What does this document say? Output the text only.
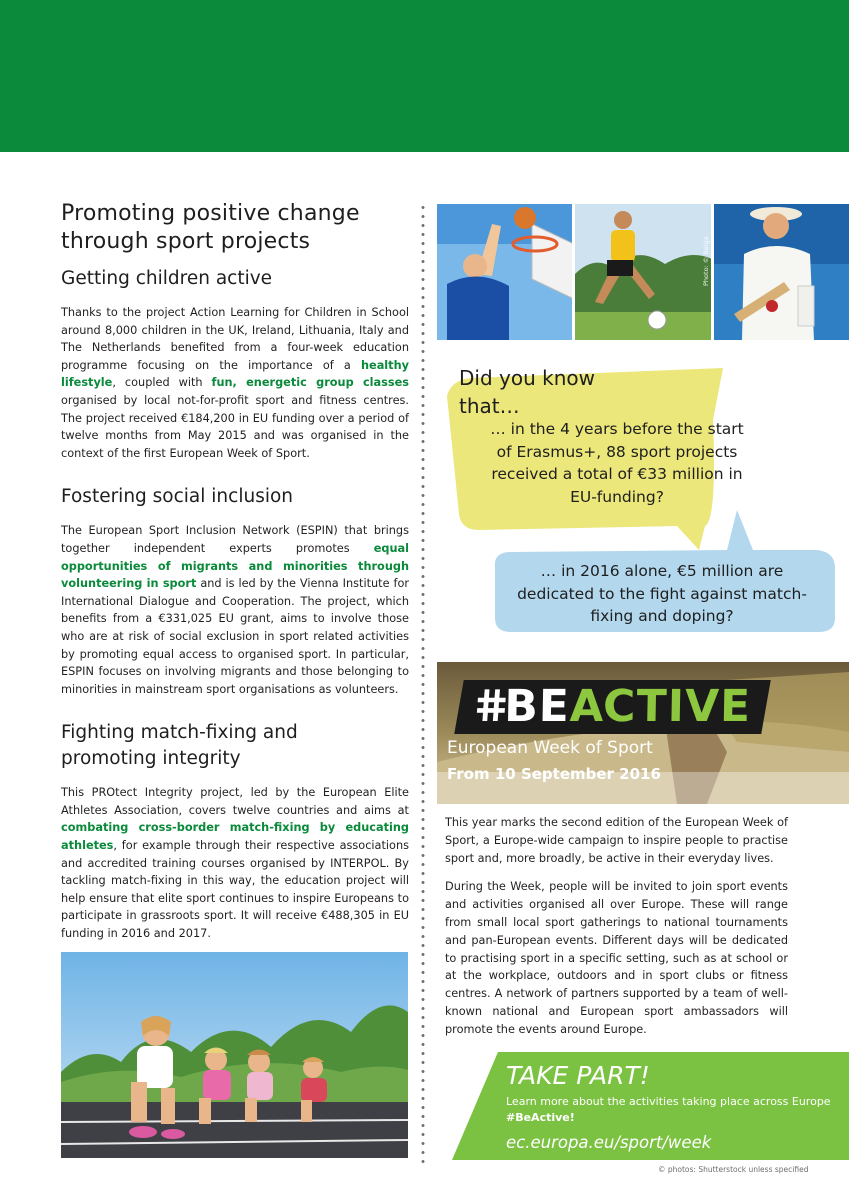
Promoting positive change through sport projects
Getting children active

Thanks to the project Action Learning for Children in School around 8,000 children in the UK, Ireland, Lithuania, Italy and The Netherlands benefited from a four-week education programme focusing on the importance of a healthy lifestyle, coupled with fun, energetic group classes organised by local not-for-profit sport and fitness centres. The project received €184,200 in EU funding over a period of twelve months from May 2015 and was organised in the context of the first European Week of Sport.

Fostering social inclusion

The European Sport Inclusion Network (ESPIN) that brings together independent experts promotes equal opportunities of migrants and minorities through volunteering in sport and is led by the Vienna Institute for International Dialogue and Cooperation. The project, which benefits from a €331,025 EU grant, aims to involve those who are at risk of social exclusion in sport related activities by promoting equal access to organised sport. In particular, ESPIN focuses on involving migrants and those belonging to minorities in mainstream sport organisations as volunteers.

Fighting match-fixing and promoting integrity

This PROtect Integrity project, led by the European Elite Athletes Association, covers twelve countries and aims at combating cross-border match-fixing by educating athletes, for example through their respective associations and accredited training courses organised by INTERPOL. By tackling match-fixing in this way, the education project will help ensure that elite sport continues to inspire Europeans to participate in grassroots sport. It will receive €488,305 in EU funding in 2016 and 2017.

Photo: © Belga
Did you know
that…
… in the 4 years before the start of Erasmus+, 88 sport projects received a total of €33 million in EU-funding?
… in 2016 alone, €5 million are dedicated to the fight against match-fixing and doping?
#BEACTIVE
European Week of Sport
From 10 September 2016

This year marks the second edition of the European Week of Sport, a Europe-wide campaign to inspire people to practise sport and, more broadly, be active in their everyday lives.

During the Week, people will be invited to join sport events and activities organised all over Europe. These will range from small local sport gatherings to national tournaments and pan-European events. Different days will be dedicated to practising sport in a specific setting, such as at school or at the workplace, outdoors and in sport clubs or fitness centres. A network of partners supported by a team of well-known national and European sport ambassadors will promote the events around Europe.

TAKE PART!
Learn more about the activities taking place across Europe
#BeActive!
ec.europa.eu/sport/week
© photos: Shutterstock unless specified
